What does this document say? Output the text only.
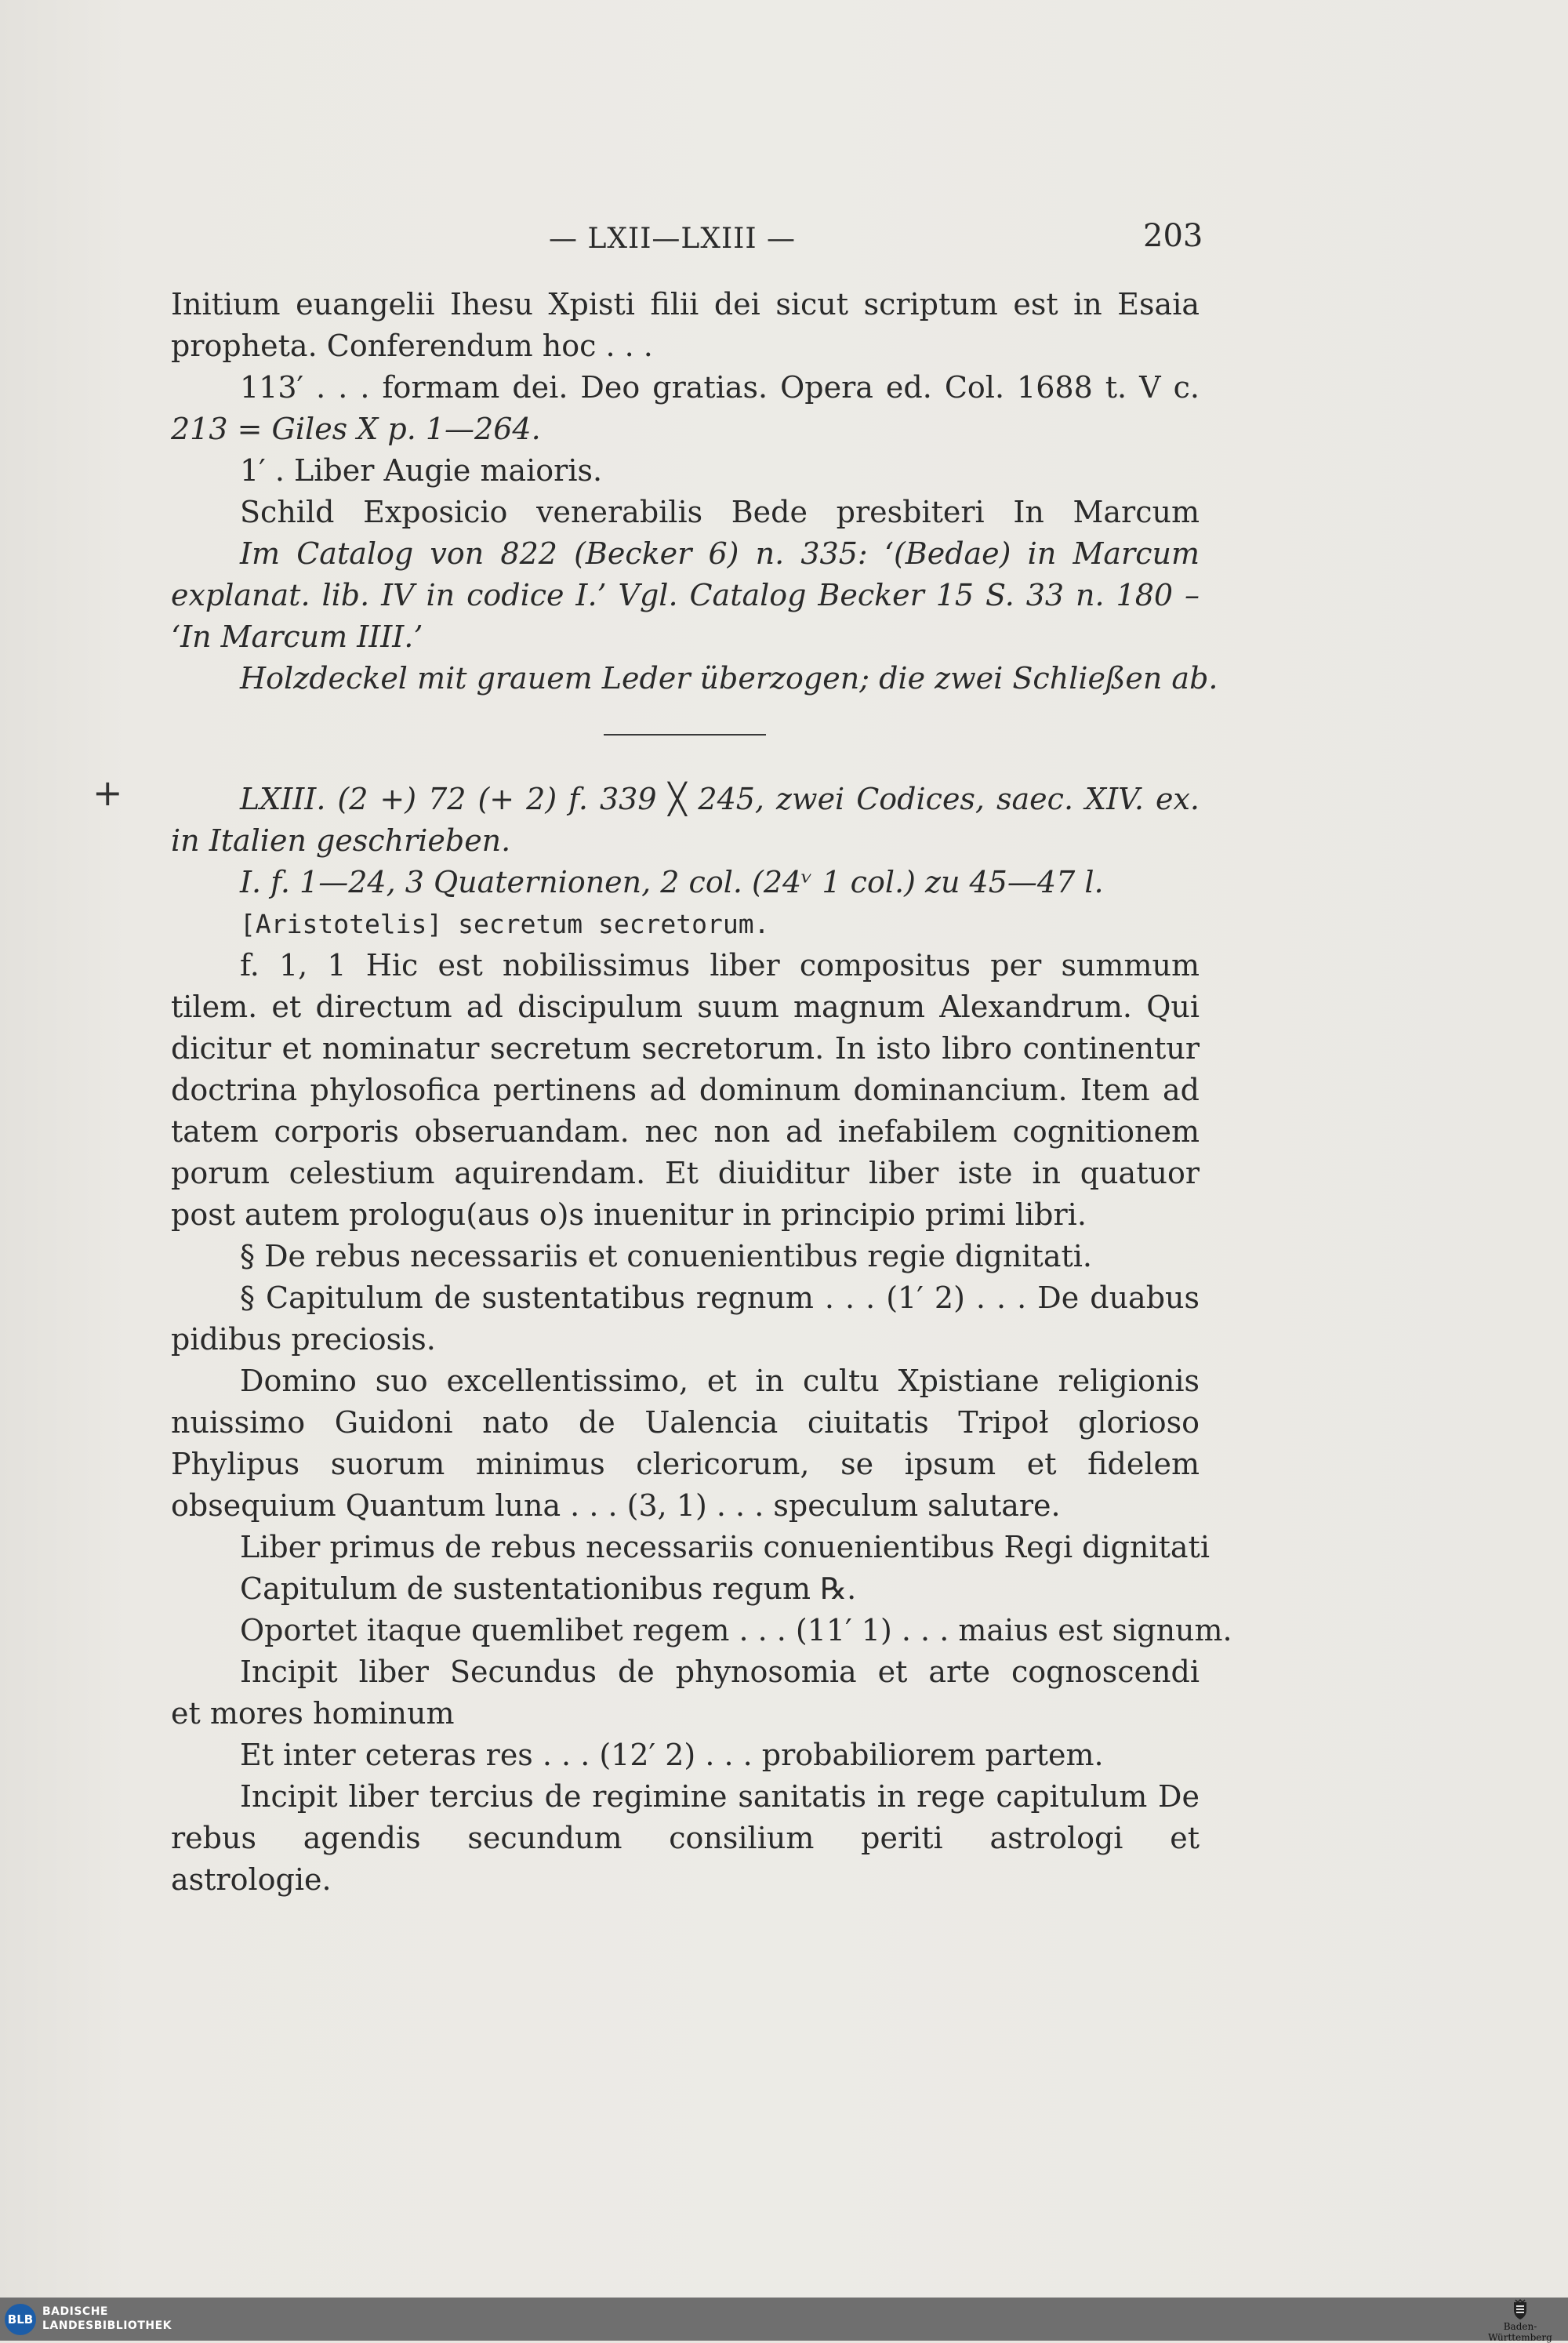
— LXII—LXIII —	203
Initium euangelii Ihesu Xpisti filii dei sicut scriptum est in Esaia
propheta. Conferendum hoc . . .
113′ . . . formam dei. Deo gratias. Opera ed. Col. 1688 t. V c.
213 = Giles X p. 1—264.
1′ . Liber Augie maioris.
Schild Exposicio venerabilis Bede presbiteri In Marcum
Im Catalog von 822 (Becker 6) n. 335: ‘(Bedae) in Marcum
explanat. lib. IV in codice I.’ Vgl. Catalog Becker 15 S. 33 n. 180 –
‘In Marcum IIII.’
Holzdeckel mit grauem Leder überzogen; die zwei Schließen ab.
+	LXIII. (2 +) 72 (+ 2) f. 339 ╳ 245, zwei Codices, saec. XIV. ex.
in Italien geschrieben.
I. f. 1—24, 3 Quaternionen, 2 col. (24ᵛ 1 col.) zu 45—47 l.
[Aristotelis] secretum secretorum.
f. 1, 1 Hic est nobilissimus liber compositus per summum
tilem. et directum ad discipulum suum magnum Alexandrum. Qui
dicitur et nominatur secretum secretorum. In isto libro continentur
doctrina phylosofica pertinens ad dominum dominancium. Item ad
tatem corporis obseruandam. nec non ad inefabilem cognitionem
porum celestium aquirendam. Et diuiditur liber iste in quatuor
post autem prologu(aus o)s inuenitur in principio primi libri.
§ De rebus necessariis et conuenientibus regie dignitati.
§ Capitulum de sustentatibus regnum . . . (1′ 2) . . . De duabus
pidibus preciosis.
Domino suo excellentissimo, et in cultu Xpistiane religionis
nuissimo Guidoni nato de Ualencia ciuitatis Tripoł glorioso
Phylipus suorum minimus clericorum, se ipsum et fidelem
obsequium Quantum luna . . . (3, 1) . . . speculum salutare.
Liber primus de rebus necessariis conuenientibus Regi dignitati
Capitulum de sustentationibus regum ℞.
Oportet itaque quemlibet regem . . . (11′ 1) . . . maius est signum.
Incipit liber Secundus de phynosomia et arte cognoscendi
et mores hominum
Et inter ceteras res . . . (12′ 2) . . . probabiliorem partem.
Incipit liber tercius de regimine sanitatis in rege capitulum De
rebus agendis secundum consilium periti astrologi et
astrologie.
BLB
BADISCHE
LANDESBIBLIOTHEK	Baden-Württemberg
